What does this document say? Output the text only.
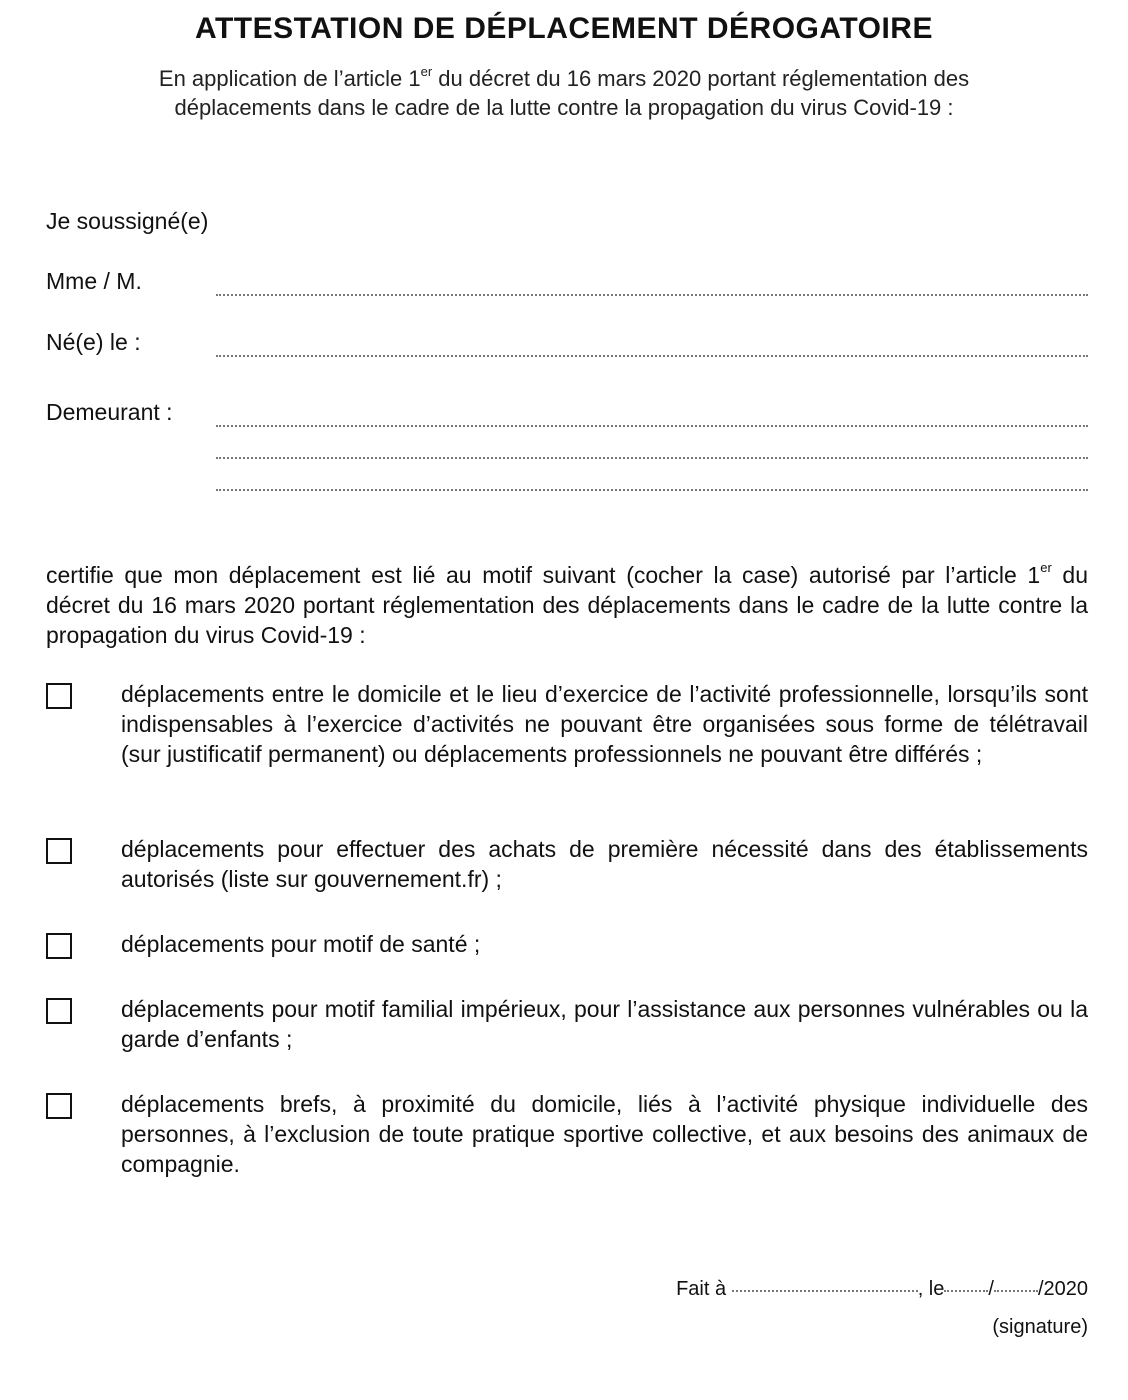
ATTESTATION DE DÉPLACEMENT DÉROGATOIRE
En application de l’article 1er du décret du 16 mars 2020 portant réglementation des
déplacements dans le cadre de la lutte contre la propagation du virus Covid-19 :
Je soussigné(e)
Mme / M.
Né(e) le :
Demeurant :
certifie que mon déplacement est lié au motif suivant (cocher la case) autorisé par l’article 1er du décret du 16 mars 2020 portant réglementation des déplacements dans le cadre de la lutte contre la propagation du virus Covid-19 :
déplacements entre le domicile et le lieu d’exercice de l’activité professionnelle, lorsqu’ils sont indispensables à l’exercice d’activités ne pouvant être organisées sous forme de télétravail (sur justificatif permanent) ou déplacements professionnels ne pouvant être différés ;
déplacements pour effectuer des achats de première nécessité dans des établissements autorisés (liste sur gouvernement.fr) ;
déplacements pour motif de santé ;
déplacements pour motif familial impérieux, pour l’assistance aux personnes vulnérables ou la garde d’enfants ;
déplacements brefs, à proximité du domicile, liés à l’activité physique individuelle des personnes, à l’exclusion de toute pratique sportive collective, et aux besoins des animaux de compagnie.
Fait à	, le / /2020
(signature)
